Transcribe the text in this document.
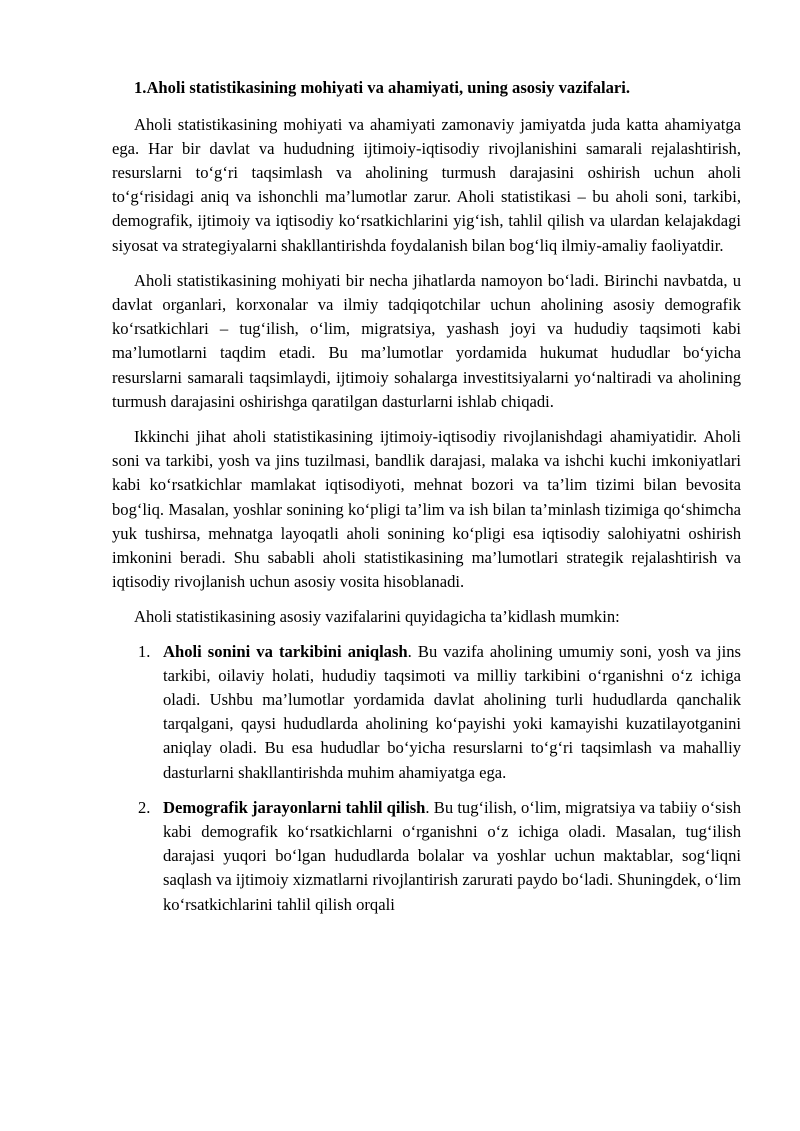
1.Aholi statistikasining mohiyati va ahamiyati, uning asosiy vazifalari.

Aholi statistikasining mohiyati va ahamiyati zamonaviy jamiyatda juda katta ahamiyatga ega. Har bir davlat va hududning ijtimoiy-iqtisodiy rivojlanishini samarali rejalashtirish, resurslarni to‘g‘ri taqsimlash va aholining turmush darajasini oshirish uchun aholi to‘g‘risidagi aniq va ishonchli ma’lumotlar zarur. Aholi statistikasi – bu aholi soni, tarkibi, demografik, ijtimoiy va iqtisodiy ko‘rsatkichlarini yig‘ish, tahlil qilish va ulardan kelajakdagi siyosat va strategiyalarni shakllantirishda foydalanish bilan bog‘liq ilmiy-amaliy faoliyatdir.

Aholi statistikasining mohiyati bir necha jihatlarda namoyon bo‘ladi. Birinchi navbatda, u davlat organlari, korxonalar va ilmiy tadqiqotchilar uchun aholining asosiy demografik ko‘rsatkichlari – tug‘ilish, o‘lim, migratsiya, yashash joyi va hududiy taqsimoti kabi ma’lumotlarni taqdim etadi. Bu ma’lumotlar yordamida hukumat hududlar bo‘yicha resurslarni samarali taqsimlaydi, ijtimoiy sohalarga investitsiyalarni yo‘naltiradi va aholining turmush darajasini oshirishga qaratilgan dasturlarni ishlab chiqadi.

Ikkinchi jihat aholi statistikasining ijtimoiy-iqtisodiy rivojlanishdagi ahamiyatidir. Aholi soni va tarkibi, yosh va jins tuzilmasi, bandlik darajasi, malaka va ishchi kuchi imkoniyatlari kabi ko‘rsatkichlar mamlakat iqtisodiyoti, mehnat bozori va ta’lim tizimi bilan bevosita bog‘liq. Masalan, yoshlar sonining ko‘pligi ta’lim va ish bilan ta’minlash tizimiga qo‘shimcha yuk tushirsa, mehnatga layoqatli aholi sonining ko‘pligi esa iqtisodiy salohiyatni oshirish imkonini beradi. Shu sababli aholi statistikasining ma’lumotlari strategik rejalashtirish va iqtisodiy rivojlanish uchun asosiy vosita hisoblanadi.

Aholi statistikasining asosiy vazifalarini quyidagicha ta’kidlash mumkin:

1. Aholi sonini va tarkibini aniqlash. Bu vazifa aholining umumiy soni, yosh va jins tarkibi, oilaviy holati, hududiy taqsimoti va milliy tarkibini o‘rganishni o‘z ichiga oladi. Ushbu ma’lumotlar yordamida davlat aholining turli hududlarda qanchalik tarqalgani, qaysi hududlarda aholining ko‘payishi yoki kamayishi kuzatilayotganini aniqlay oladi. Bu esa hududlar bo‘yicha resurslarni to‘g‘ri taqsimlash va mahalliy dasturlarni shakllantirishda muhim ahamiyatga ega.
2. Demografik jarayonlarni tahlil qilish. Bu tug‘ilish, o‘lim, migratsiya va tabiiy o‘sish kabi demografik ko‘rsatkichlarni o‘rganishni o‘z ichiga oladi. Masalan, tug‘ilish darajasi yuqori bo‘lgan hududlarda bolalar va yoshlar uchun maktablar, sog‘liqni saqlash va ijtimoiy xizmatlarni rivojlantirish zarurati paydo bo‘ladi. Shuningdek, o‘lim ko‘rsatkichlarini tahlil qilish orqali
